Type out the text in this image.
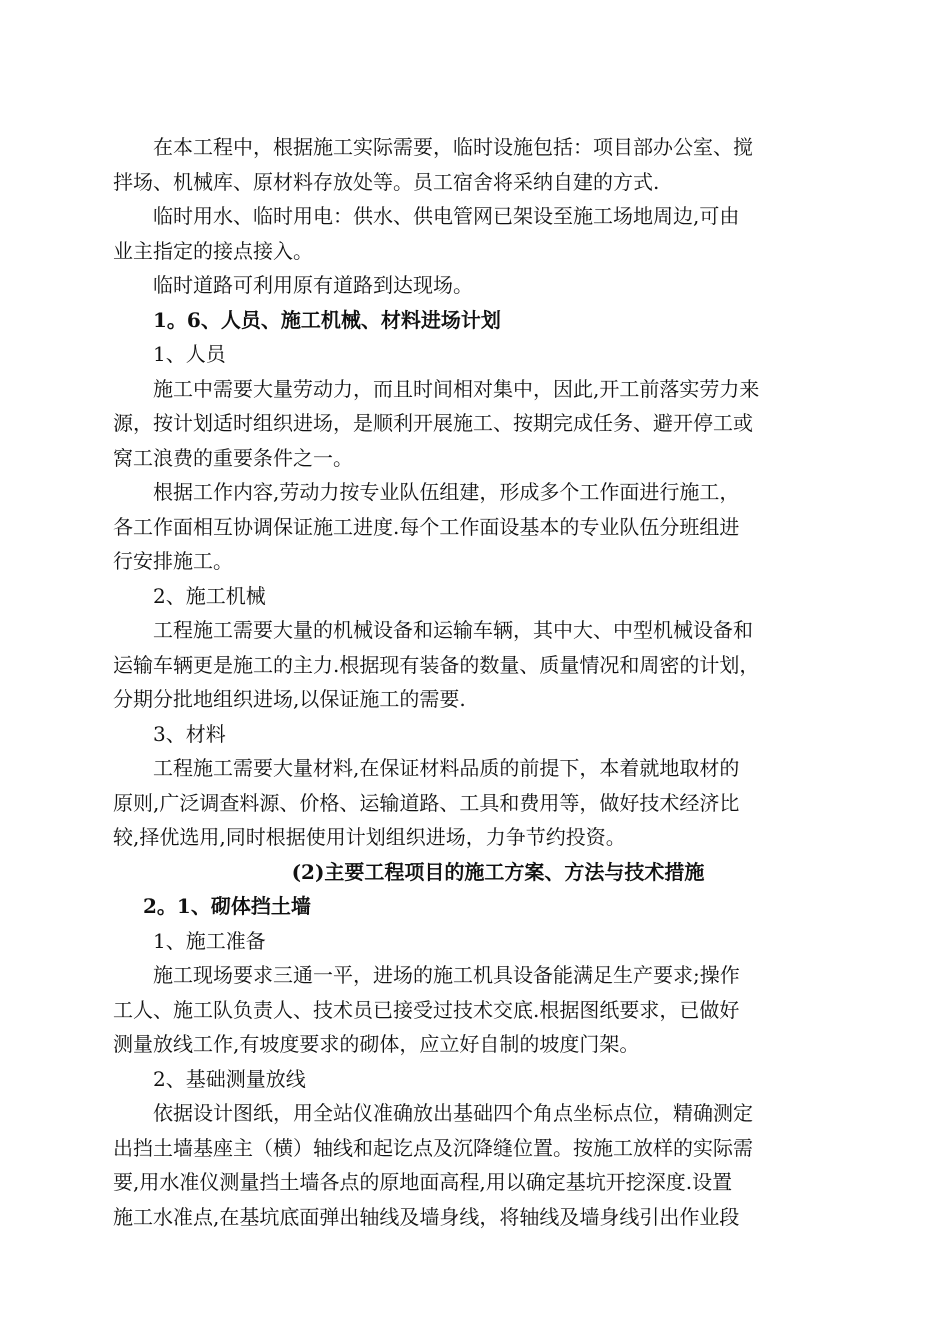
在本工程中，根据施工实际需要，临时设施包括：项目部办公室、搅
拌场、机械库、原材料存放处等。员工宿舍将采纳自建的方式.

临时用水、临时用电：供水、供电管网已架设至施工场地周边,可由
业主指定的接点接入。

临时道路可利用原有道路到达现场。

1。6、人员、施工机械、材料进场计划

1、人员

施工中需要大量劳动力，而且时间相对集中，因此,开工前落实劳力来
源，按计划适时组织进场，是顺利开展施工、按期完成任务、避开停工或
窝工浪费的重要条件之一。

根据工作内容,劳动力按专业队伍组建，形成多个工作面进行施工，
各工作面相互协调保证施工进度.每个工作面设基本的专业队伍分班组进
行安排施工。

2、施工机械

工程施工需要大量的机械设备和运输车辆，其中大、中型机械设备和
运输车辆更是施工的主力.根据现有装备的数量、质量情况和周密的计划，
分期分批地组织进场,以保证施工的需要.

3、材料

工程施工需要大量材料,在保证材料品质的前提下，本着就地取材的
原则,广泛调查料源、价格、运输道路、工具和费用等，做好技术经济比
较,择优选用,同时根据使用计划组织进场，力争节约投资。

(2)主要工程项目的施工方案、方法与技术措施

2。1、砌体挡土墙

1、施工准备

施工现场要求三通一平，进场的施工机具设备能满足生产要求;操作
工人、施工队负责人、技术员已接受过技术交底.根据图纸要求，已做好
测量放线工作,有坡度要求的砌体，应立好自制的坡度门架。

2、基础测量放线

依据设计图纸，用全站仪准确放出基础四个角点坐标点位，精确测定
出挡土墙基座主（横）轴线和起讫点及沉降缝位置。按施工放样的实际需
要,用水准仪测量挡土墙各点的原地面高程,用以确定基坑开挖深度.设置
施工水准点,在基坑底面弹出轴线及墙身线，将轴线及墙身线引出作业段
